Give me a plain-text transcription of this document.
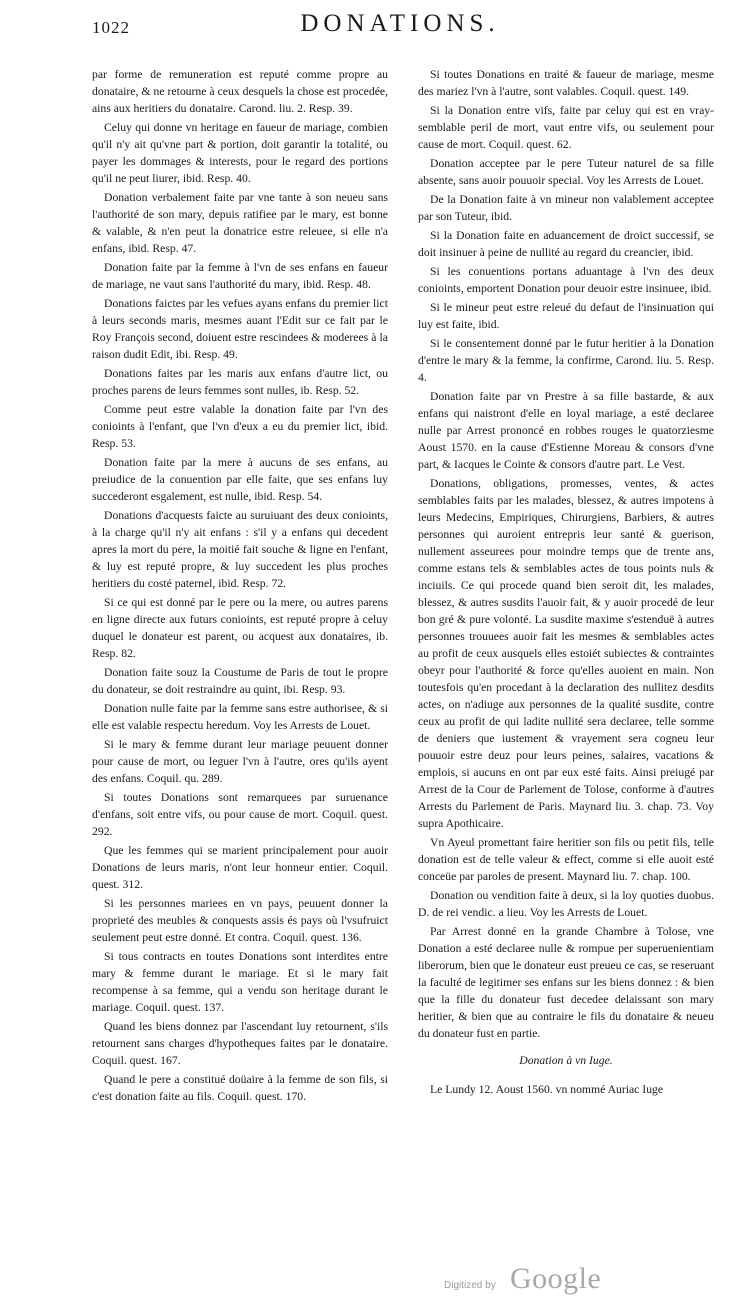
1022	DONATIONS.

par forme de remuneration est reputé comme propre au donataire, & ne retourne à ceux desquels la chose est procedée, ains aux heritiers du donataire. Carond. liu. 2. Resp. 39.

Celuy qui donne vn heritage en faueur de mariage, combien qu'il n'y ait qu'vne part & portion, doit garantir la totalité, ou payer les dommages & interests, pour le regard des portions qu'il ne peut liurer, ibid. Resp. 40.

Donation verbalement faite par vne tante à son neueu sans l'authorité de son mary, depuis ratifiee par le mary, est bonne & valable, & n'en peut la donatrice estre releuee, si elle n'a enfans, ibid. Resp. 47.

Donation faite par la femme à l'vn de ses enfans en faueur de mariage, ne vaut sans l'authorité du mary, ibid. Resp. 48.

Donations faictes par les vefues ayans enfans du premier lict à leurs seconds maris, mesmes auant l'Edit sur ce fait par le Roy François second, doiuent estre rescindees & moderees à la raison dudit Edit, ibi. Resp. 49.

Donations faites par les maris aux enfans d'autre lict, ou proches parens de leurs femmes sont nulles, ib. Resp. 52.

Comme peut estre valable la donation faite par l'vn des conioints à l'enfant, que l'vn d'eux a eu du premier lict, ibid. Resp. 53.

Donation faite par la mere à aucuns de ses enfans, au preiudice de la conuention par elle faite, que ses enfans luy succederont esgalement, est nulle, ibid. Resp. 54.

Donations d'acquests faicte au suruiuant des deux conioints, à la charge qu'il n'y ait enfans : s'il y a enfans qui decedent apres la mort du pere, la moitié fait souche & ligne en l'enfant, & luy est reputé propre, & luy succedent les plus proches heritiers du costé paternel, ibid. Resp. 72.

Si ce qui est donné par le pere ou la mere, ou autres parens en ligne directe aux futurs conioints, est reputé propre à celuy duquel le donateur est parent, ou acquest aux donataires, ib. Resp. 82.

Donation faite souz la Coustume de Paris de tout le propre du donateur, se doit restraindre au quint, ibi. Resp. 93.

Donation nulle faite par la femme sans estre authorisee, & si elle est valable respectu heredum. Voy les Arrests de Louet.

Si le mary & femme durant leur mariage peuuent donner pour cause de mort, ou leguer l'vn à l'autre, ores qu'ils ayent des enfans. Coquil. qu. 289.

Si toutes Donations sont remarquees par suruenance d'enfans, soit entre vifs, ou pour cause de mort. Coquil. quest. 292.

Que les femmes qui se marient principalement pour auoir Donations de leurs maris, n'ont leur honneur entier. Coquil. quest. 312.

Si les personnes mariees en vn pays, peuuent donner la proprieté des meubles & conquests assis és pays où l'vsufruict seulement peut estre donné. Et contra. Coquil. quest. 136.

Si tous contracts en toutes Donations sont interdites entre mary & femme durant le mariage. Et si le mary fait recompense à sa femme, qui a vendu son heritage durant le mariage. Coquil. quest. 137.

Quand les biens donnez par l'ascendant luy retournent, s'ils retournent sans charges d'hypotheques faites par le donataire. Coquil. quest. 167.

Quand le pere a constitué doüaire à la femme de son fils, si c'est donation faite au fils. Coquil. quest. 170.

Si toutes Donations en traité & faueur de mariage, mesme des mariez l'vn à l'autre, sont valables. Coquil. quest. 149.

Si la Donation entre vifs, faite par celuy qui est en vray-semblable peril de mort, vaut entre vifs, ou seulement pour cause de mort. Coquil. quest. 62.

Donation acceptee par le pere Tuteur naturel de sa fille absente, sans auoir pouuoir special. Voy les Arrests de Louet.

De la Donation faite à vn mineur non valablement acceptee par son Tuteur, ibid.

Si la Donation faite en aduancement de droict successif, se doit insinuer à peine de nullité au regard du creancier, ibid.

Si les conuentions portans aduantage à l'vn des deux conioints, emportent Donation pour deuoir estre insinuee, ibid.

Si le mineur peut estre releué du defaut de l'insinuation qui luy est faite, ibid.

Si le consentement donné par le futur heritier à la Donation d'entre le mary & la femme, la confirme, Carond. liu. 5. Resp. 4.

Donation faite par vn Prestre à sa fille bastarde, & aux enfans qui naistront d'elle en loyal mariage, a esté declaree nulle par Arrest prononcé en robbes rouges le quatorziesme Aoust 1570. en la cause d'Estienne Moreau & consors d'vne part, & Iacques le Cointe & consors d'autre part. Le Vest.

Donations, obligations, promesses, ventes, & actes semblables faits par les malades, blessez, & autres impotens à leurs Medecins, Empiriques, Chirurgiens, Barbiers, & autres personnes qui auroient entrepris leur santé & guerison, nullement asseurees pour moindre temps que de trente ans, comme estans tels & semblables actes de tous points nuls & inciuils. Ce qui procede quand bien seroit dit, les malades, blessez, & autres susdits l'auoir fait, & y auoir procedé de leur bon gré & pure volonté. La susdite maxime s'estenduë à autres personnes trouuees auoir fait les mesmes & semblables actes au profit de ceux ausquels elles estoiét subiectes & contraintes obeyr pour l'authorité & force qu'elles auoient en main. Non toutesfois qu'en procedant à la declaration des nullitez desdits actes, on n'adiuge aux personnes de la qualité susdite, contre ceux au profit de qui ladite nullité sera declaree, telle somme de deniers que iustement & vrayement sera cogneu leur pouuoir estre deuz pour leurs peines, salaires, vacations & emplois, si aucuns en ont par eux esté faits. Ainsi preiugé par Arrest de la Cour de Parlement de Tolose, conforme à d'autres Arrests du Parlement de Paris. Maynard liu. 3. chap. 73. Voy supra Apothicaire.

Vn Ayeul promettant faire heritier son fils ou petit fils, telle donation est de telle valeur & effect, comme si elle auoit esté conceüe par paroles de present. Maynard liu. 7. chap. 100.

Donation ou vendition faite à deux, si la loy quoties duobus. D. de rei vendic. a lieu. Voy les Arrests de Louet.

Par Arrest donné en la grande Chambre à Tolose, vne Donation a esté declaree nulle & rompue per superuenientiam liberorum, bien que le donateur eust preueu ce cas, se reseruant la faculté de legitimer ses enfans sur les biens donnez : & bien que la fille du donateur fust decedee delaissant son mary heritier, & bien que au contraire le fils du donataire & neueu du donateur fust en partie.

Donation à vn Iuge.

Le Lundy 12. Aoust 1560. vn nommé Auriac Iuge

Digitized by Google
